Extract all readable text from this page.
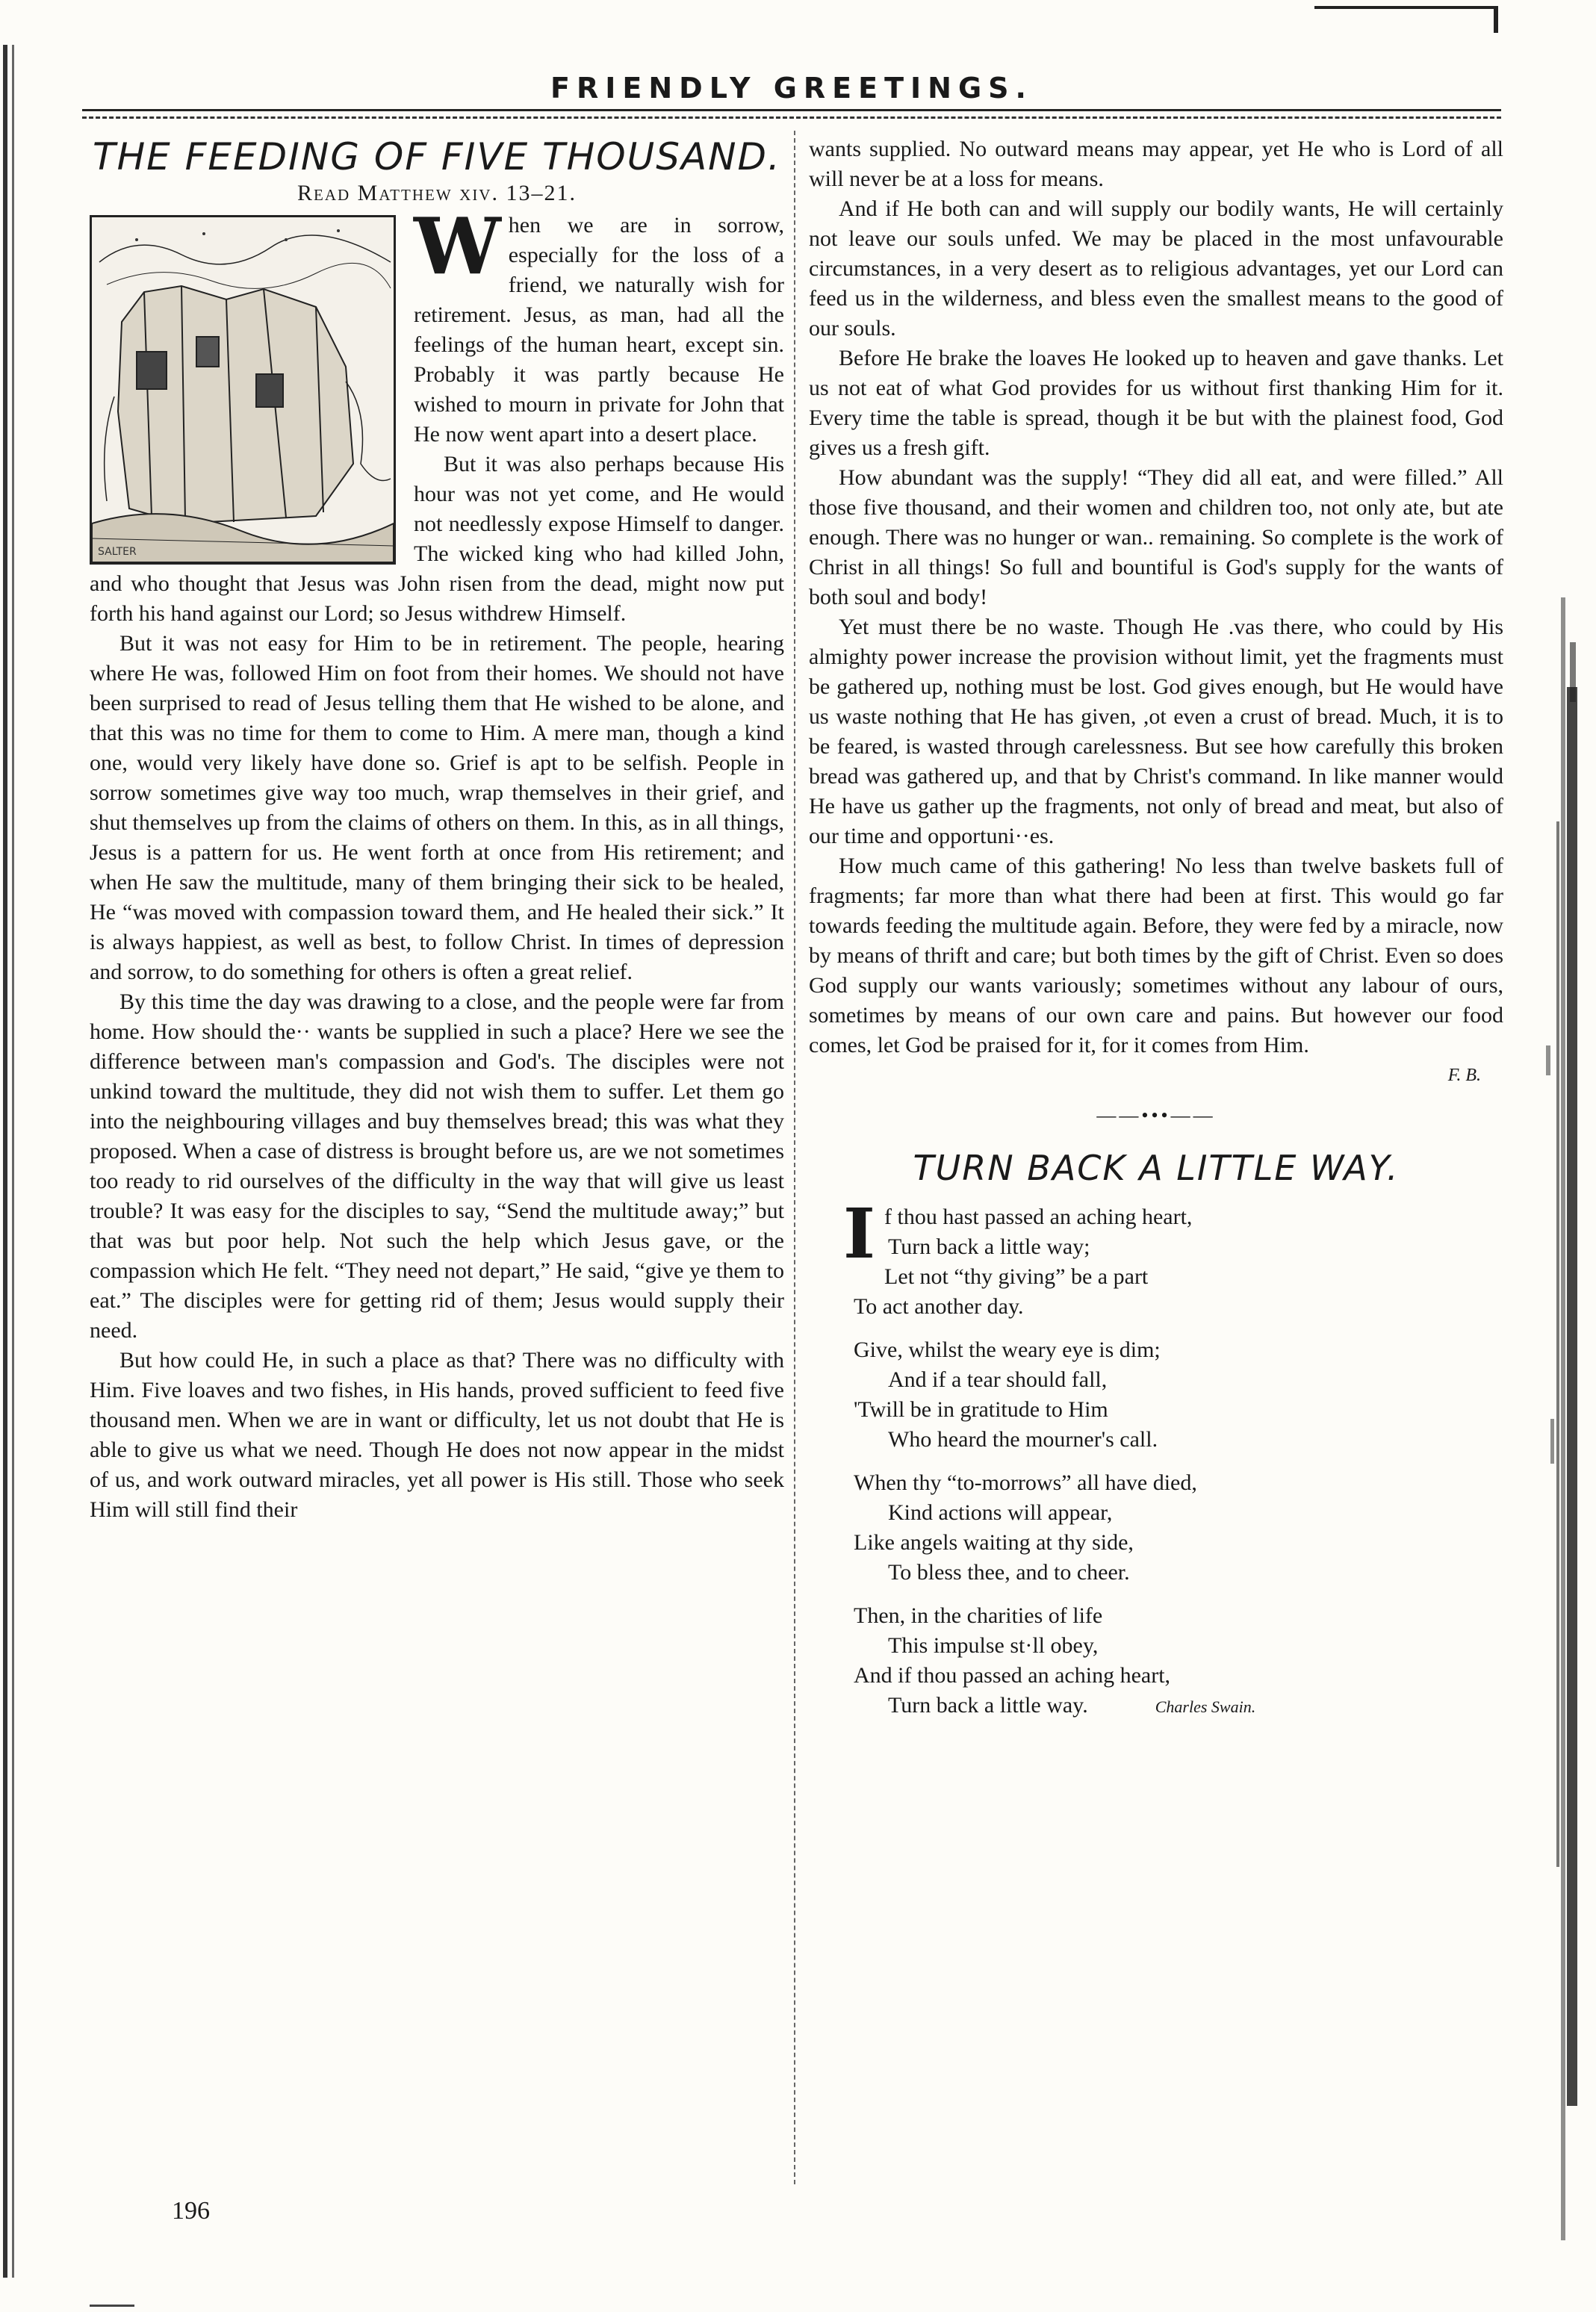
FRIENDLY GREETINGS.
THE FEEDING OF FIVE THOUSAND.
Read Matthew xiv. 13–21.
SALTER

When we are in sorrow, especially for the loss of a friend, we naturally wish for retirement. Jesus, as man, had all the feelings of the human heart, except sin. Probably it was partly because He wished to mourn in private for John that He now went apart into a desert place.

But it was also perhaps because His hour was not yet come, and He would not needlessly expose Himself to danger. The wicked king who had killed John, and who thought that Jesus was John risen from the dead, might now put forth his hand against our Lord; so Jesus withdrew Himself.

But it was not easy for Him to be in retirement. The people, hearing where He was, followed Him on foot from their homes. We should not have been surprised to read of Jesus telling them that He wished to be alone, and that this was no time for them to come to Him. A mere man, though a kind one, would very likely have done so. Grief is apt to be selfish. People in sorrow sometimes give way too much, wrap themselves in their grief, and shut themselves up from the claims of others on them. In this, as in all things, Jesus is a pattern for us. He went forth at once from His retirement; and when He saw the multitude, many of them bringing their sick to be healed, He “was moved with compassion toward them, and He healed their sick.” It is always happiest, as well as best, to follow Christ. In times of depression and sorrow, to do something for others is often a great relief.

By this time the day was drawing to a close, and the people were far from home. How should the·· wants be supplied in such a place? Here we see the difference between man's compassion and God's. The disciples were not unkind toward the multitude, they did not wish them to suffer. Let them go into the neighbouring villages and buy themselves bread; this was what they proposed. When a case of distress is brought before us, are we not sometimes too ready to rid ourselves of the difficulty in the way that will give us least trouble? It was easy for the disciples to say, “Send the multitude away;” but that was but poor help. Not such the help which Jesus gave, or the compassion which He felt. “They need not depart,” He said, “give ye them to eat.” The disciples were for getting rid of them; Jesus would supply their need.

But how could He, in such a place as that? There was no difficulty with Him. Five loaves and two fishes, in His hands, proved sufficient to feed five thousand men. When we are in want or difficulty, let us not doubt that He is able to give us what we need. Though He does not now appear in the midst of us, and work outward miracles, yet all power is His still. Those who seek Him will still find their

wants supplied. No outward means may appear, yet He who is Lord of all will never be at a loss for means.

And if He both can and will supply our bodily wants, He will certainly not leave our souls unfed. We may be placed in the most unfavourable circumstances, in a very desert as to religious advantages, yet our Lord can feed us in the wilderness, and bless even the smallest means to the good of our souls.

Before He brake the loaves He looked up to heaven and gave thanks. Let us not eat of what God provides for us without first thanking Him for it. Every time the table is spread, though it be but with the plainest food, God gives us a fresh gift.

How abundant was the supply! “They did all eat, and were filled.” All those five thousand, and their women and children too, not only ate, but ate enough. There was no hunger or wan.. remaining. So complete is the work of Christ in all things! So full and bountiful is God's supply for the wants of both soul and body!

Yet must there be no waste. Though He .vas there, who could by His almighty power increase the provision without limit, yet the fragments must be gathered up, nothing must be lost. God gives enough, but He would have us waste nothing that He has given, ,ot even a crust of bread. Much, it is to be feared, is wasted through carelessness. But see how carefully this broken bread was gathered up, and that by Christ's command. In like manner would He have us gather up the fragments, not only of bread and meat, but also of our time and opportuni··es.

How much came of this gathering! No less than twelve baskets full of fragments; far more than what there had been at first. This would go far towards feeding the multitude again. Before, they were fed by a miracle, now by means of thrift and care; but both times by the gift of Christ. Even so does God supply our wants variously; sometimes without any labour of ours, sometimes by means of our own care and pains. But however our food comes, let God be praised for it, for it comes from Him.

F. B.
——•••——
TURN BACK A LITTLE WAY.
If thou hast passed an aching heart,
Turn back a little way;
Let not “thy giving” be a part
To act another day.
Give, whilst the weary eye is dim;
And if a tear should fall,
'Twill be in gratitude to Him
Who heard the mourner's call.
When thy “to-morrows” all have died,
Kind actions will appear,
Like angels waiting at thy side,
To bless thee, and to cheer.
Then, in the charities of life
This impulse st·ll obey,
And if thou passed an aching heart,
Turn back a little way.	Charles Swain.
196
